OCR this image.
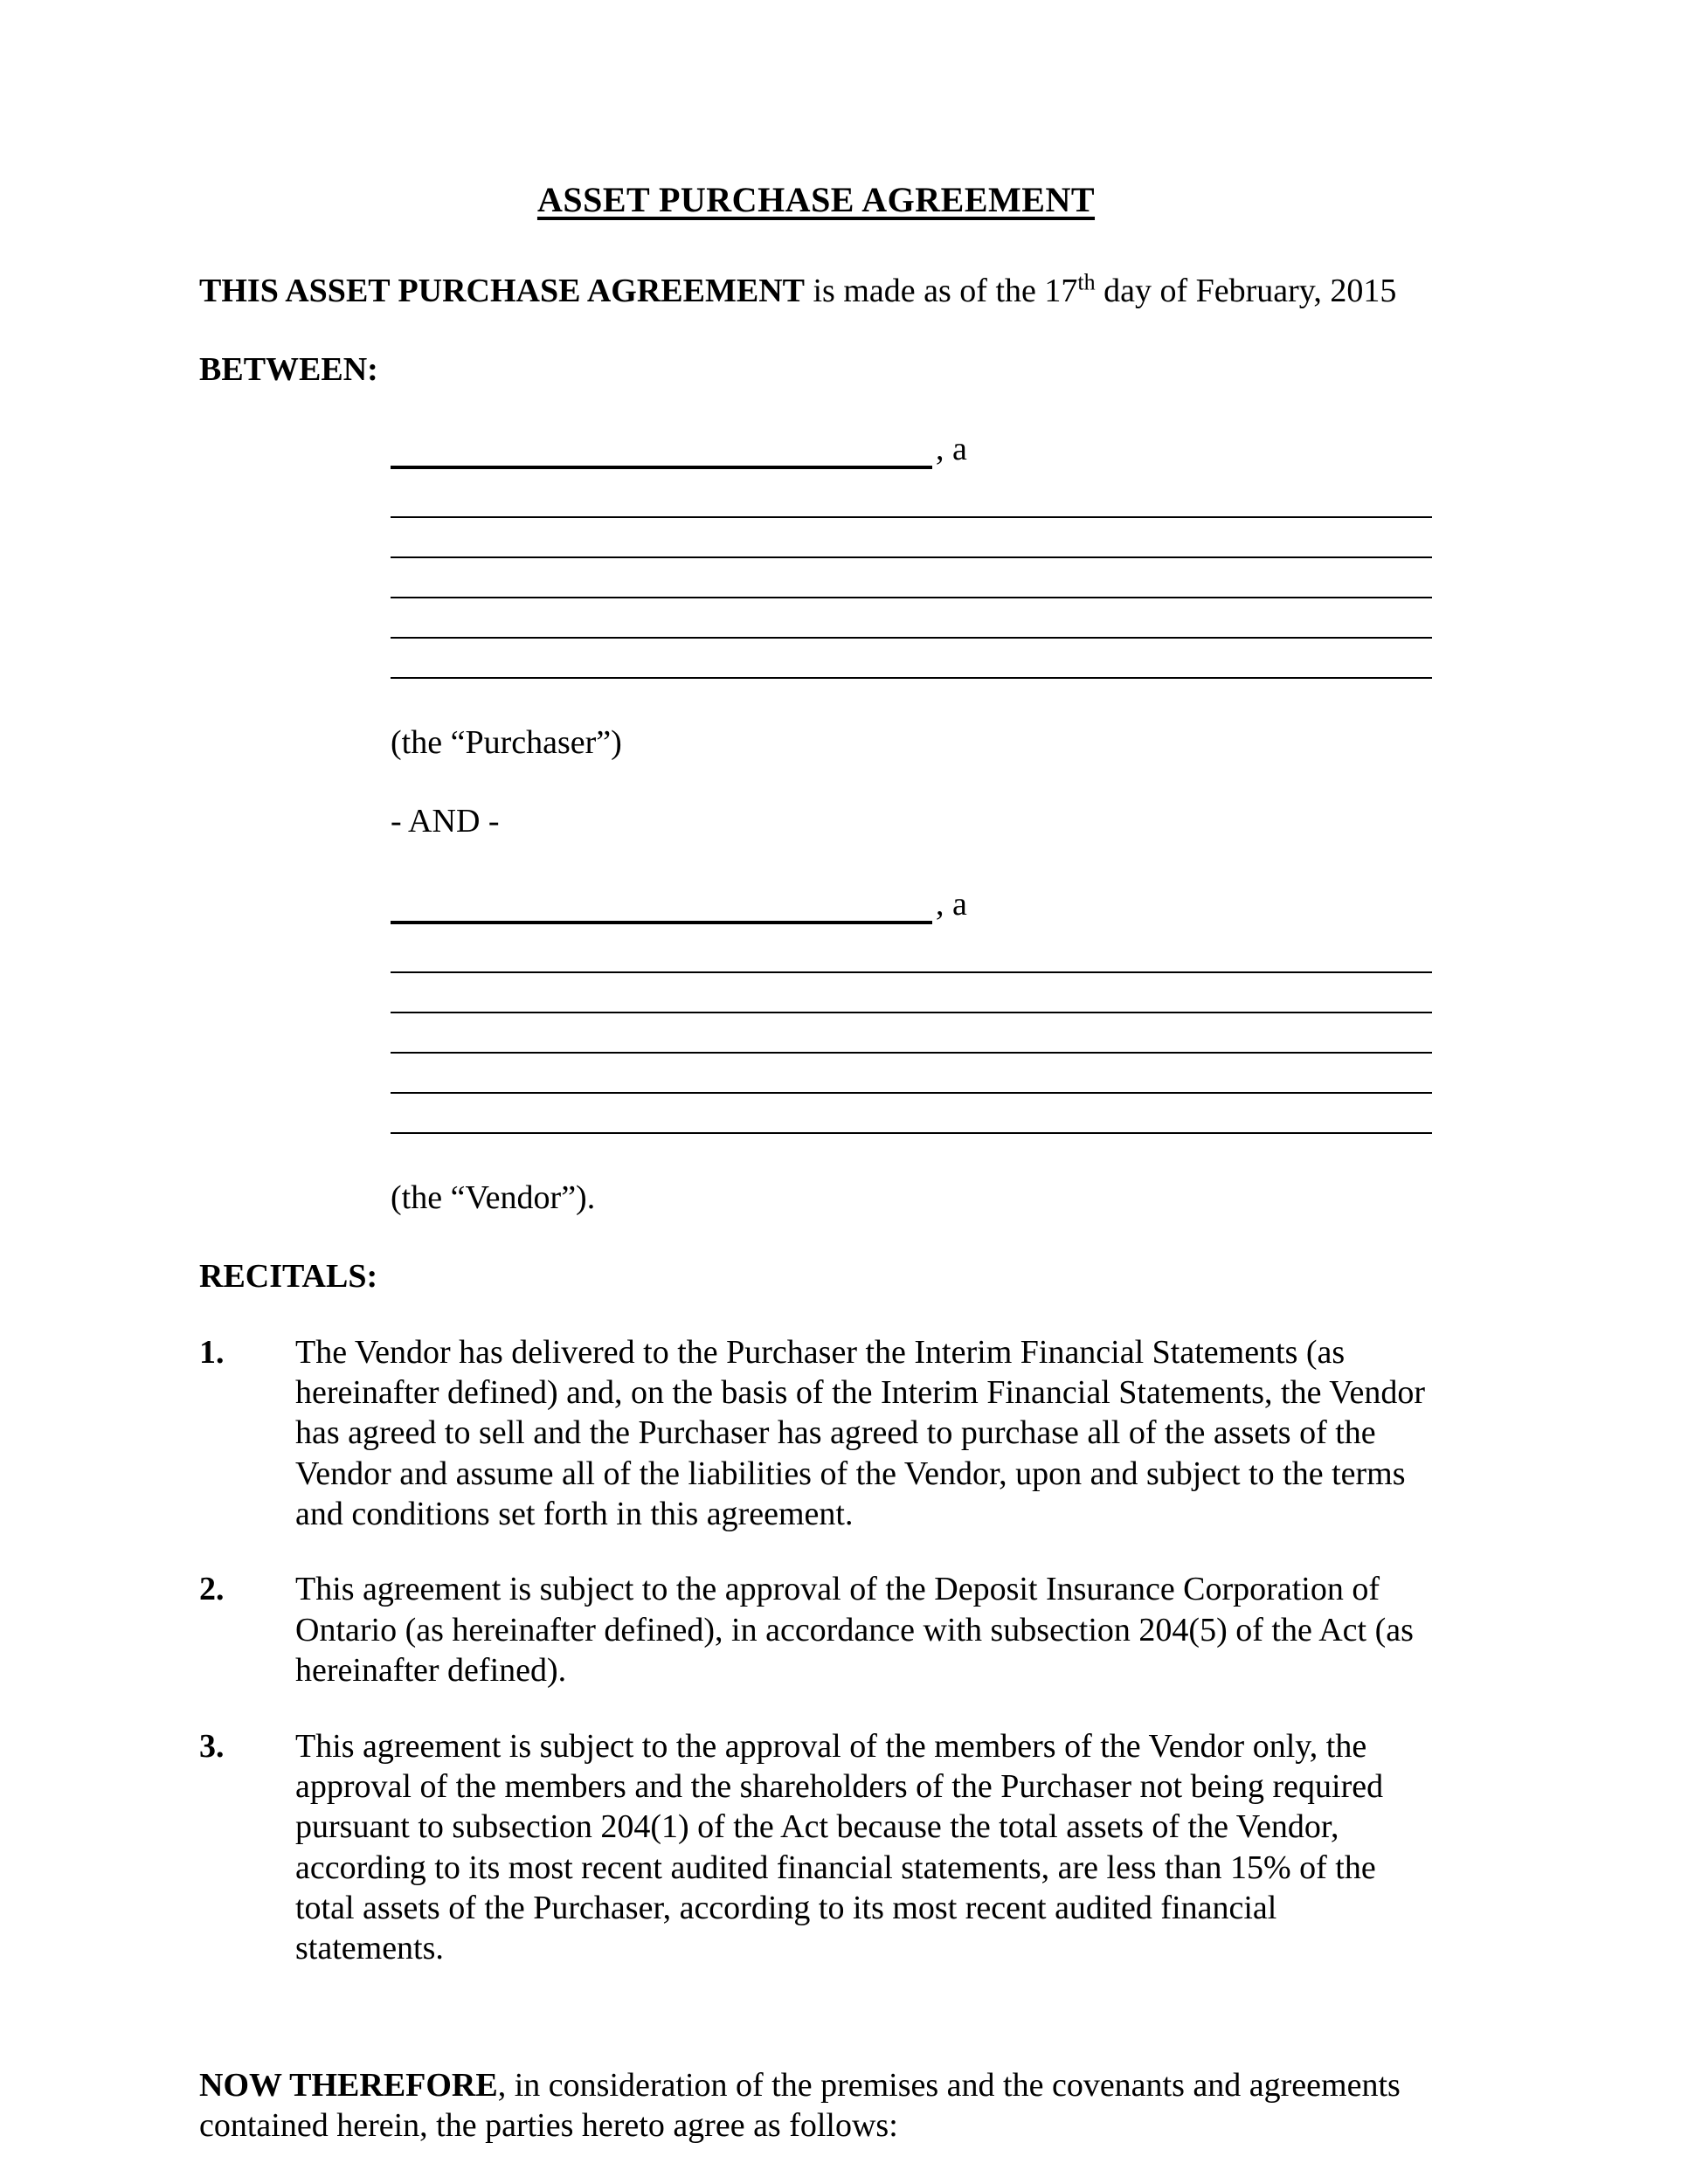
ASSET PURCHASE AGREEMENT

THIS ASSET PURCHASE AGREEMENT is made as of the 17th day of February, 2015

BETWEEN:

, a

(the “Purchaser”)

- AND -

, a

(the “Vendor”).

RECITALS:

1.	The Vendor has delivered to the Purchaser the Interim Financial Statements (as hereinafter defined) and, on the basis of the Interim Financial Statements, the Vendor has agreed to sell and the Purchaser has agreed to purchase all of the assets of the Vendor and assume all of the liabilities of the Vendor, upon and subject to the terms and conditions set forth in this agreement.
2.	This agreement is subject to the approval of the Deposit Insurance Corporation of Ontario (as hereinafter defined), in accordance with subsection 204(5) of the Act (as hereinafter defined).
3.	This agreement is subject to the approval of the members of the Vendor only, the approval of the members and the shareholders of the Purchaser not being required pursuant to subsection 204(1) of the Act because the total assets of the Vendor, according to its most recent audited financial statements, are less than 15% of the total assets of the Purchaser, according to its most recent audited financial statements.

NOW THEREFORE, in consideration of the premises and the covenants and agreements contained herein, the parties hereto agree as follows:
